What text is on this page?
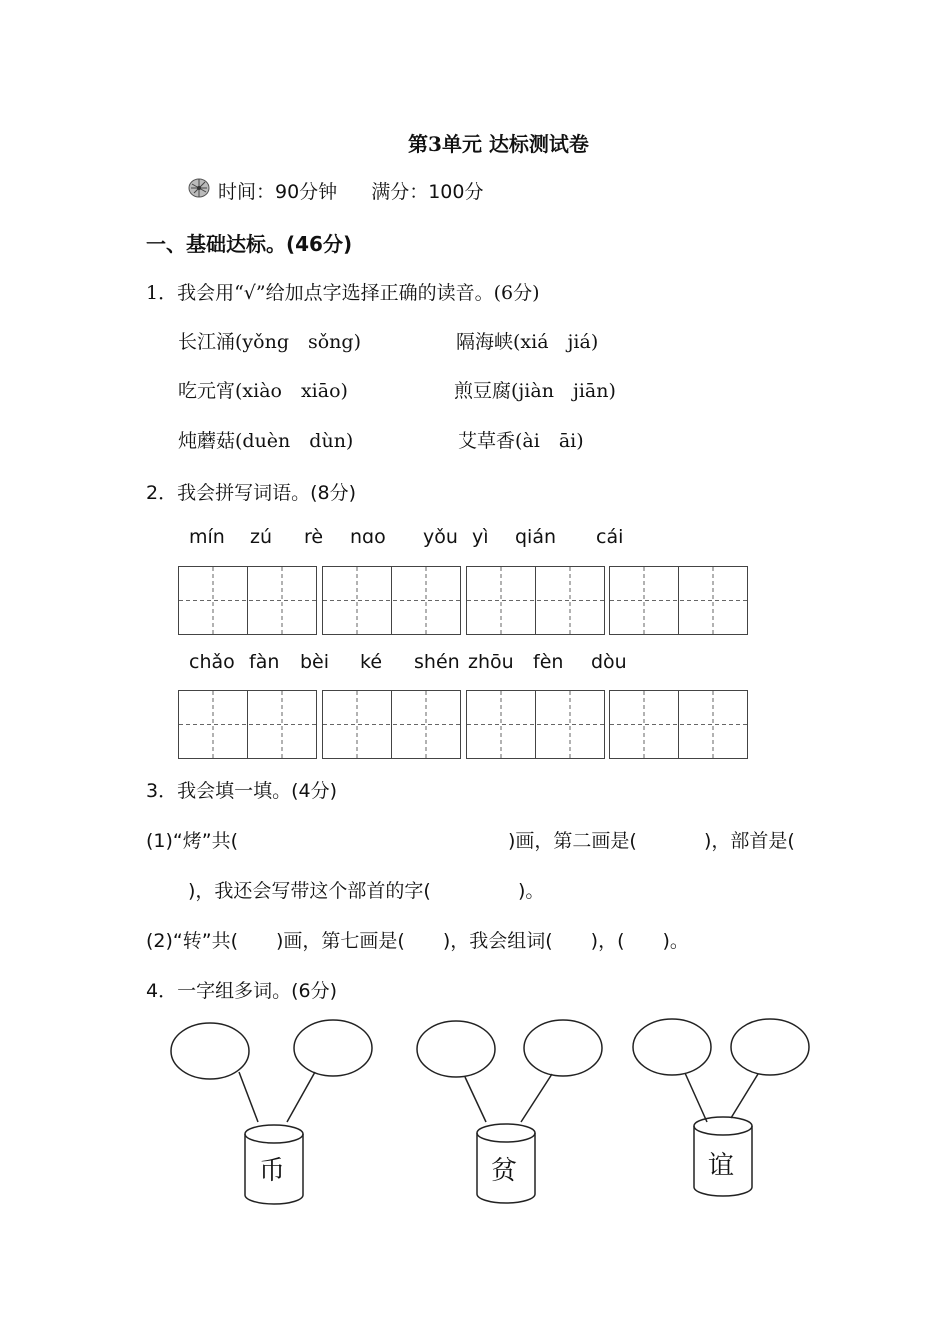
第3单元 达标测试卷
时间：90分钟 满分：100分
一、基础达标。(46分)
1．我会用“√”给加点字选择正确的读音。(6分)
长江涌(yǒng　sǒng)	隔海峡(xiá　jiá)
吃元宵(xiào　xiāo)	煎豆腐(jiàn　jiān)
炖蘑菇(duèn　dùn)	艾草香(ài　āi)
2．我会拼写词语。(8分)
mín zú rè nɑo yǒu yì qián cái
chǎo fàn bèi ké shén zhōu fèn dòu
3．我会填一填。(4分)
(1)“烤”共(	)画，第二画是(	)，部首是(
)，我还会写带这个部首的字(	)。
(2)“转”共(　　)画，第七画是(　　)，我会组词(　　)，(　　)。
4．一字组多词。(6分)
币	贫	谊
